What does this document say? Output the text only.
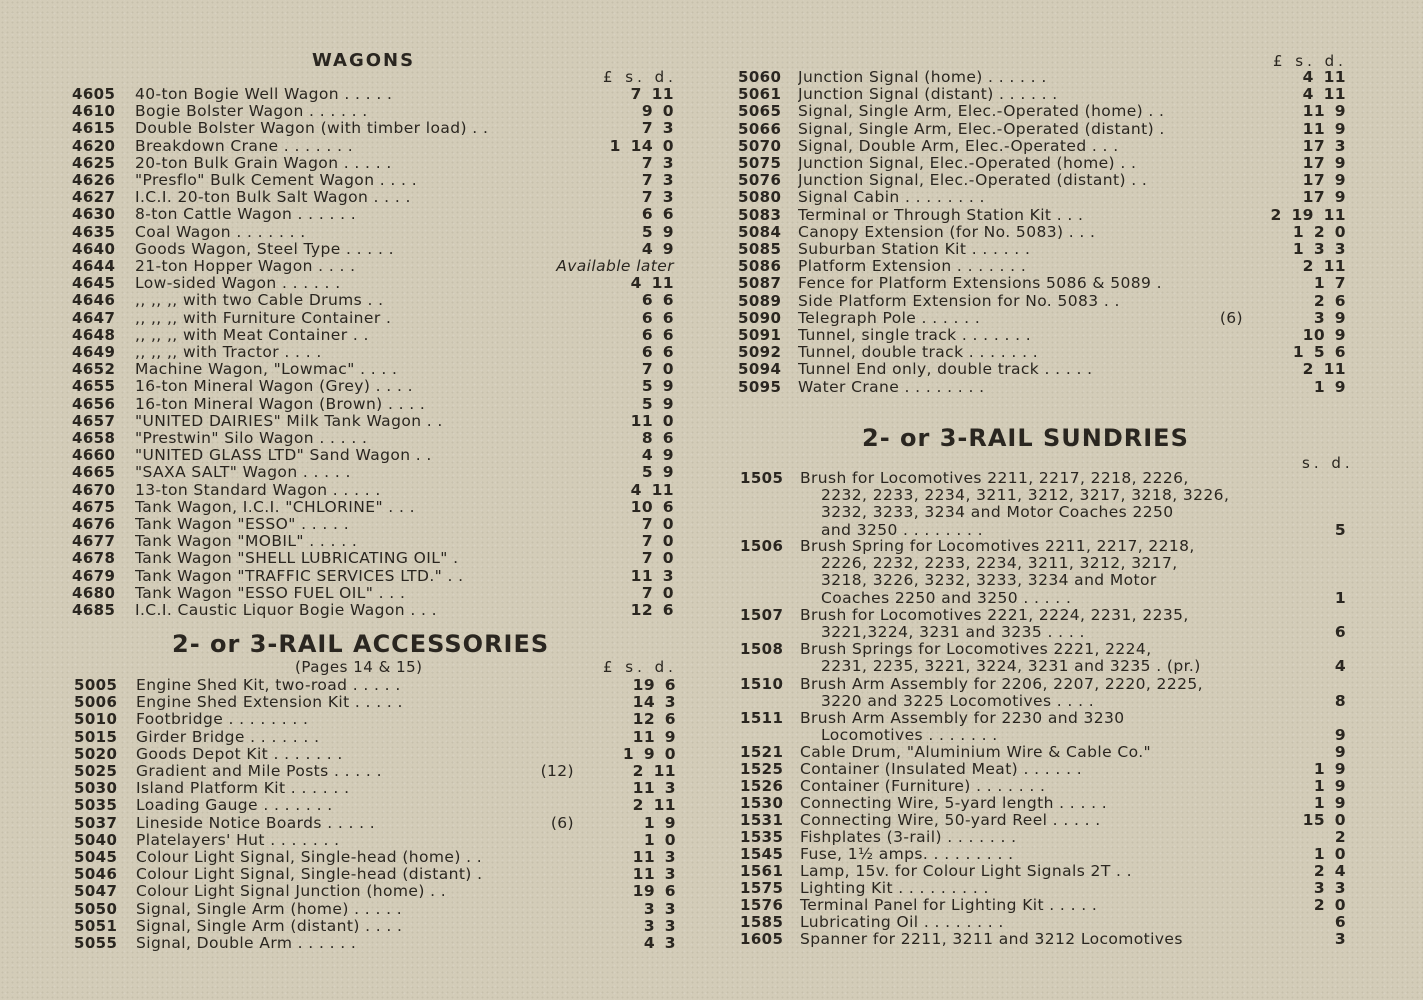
WAGONS
£ s. d.
4605 40-ton Bogie Well Wagon . . . . .	7 11
4610 Bogie Bolster Wagon . . . . . .	9 0
4615 Double Bolster Wagon (with timber load) . .	7 3
4620 Breakdown Crane . . . . . . .	1 14 0
4625 20-ton Bulk Grain Wagon . . . . .	7 3
4626 "Presflo" Bulk Cement Wagon . . . .	7 3
4627 I.C.I. 20-ton Bulk Salt Wagon . . . .	7 3
4630 8-ton Cattle Wagon . . . . . .	6 6
4635 Coal Wagon . . . . . . .	5 9
4640 Goods Wagon, Steel Type . . . . .	4 9
4644 21-ton Hopper Wagon . . . .	Available later
4645 Low-sided Wagon . . . . . .	4 11
4646 ,, ,, ,, with two Cable Drums . .	6 6
4647 ,, ,, ,, with Furniture Container .	6 6
4648 ,, ,, ,, with Meat Container . .	6 6
4649 ,, ,, ,, with Tractor . . . .	6 6
4652 Machine Wagon, "Lowmac" . . . .	7 0
4655 16-ton Mineral Wagon (Grey) . . . .	5 9
4656 16-ton Mineral Wagon (Brown) . . . .	5 9
4657 "UNITED DAIRIES" Milk Tank Wagon . .	11 0
4658 "Prestwin" Silo Wagon . . . . .	8 6
4660 "UNITED GLASS LTD" Sand Wagon . .	4 9
4665 "SAXA SALT" Wagon . . . . .	5 9
4670 13-ton Standard Wagon . . . . .	4 11
4675 Tank Wagon, I.C.I. "CHLORINE" . . .	10 6
4676 Tank Wagon "ESSO" . . . . .	7 0
4677 Tank Wagon "MOBIL" . . . . .	7 0
4678 Tank Wagon "SHELL LUBRICATING OIL" .	7 0
4679 Tank Wagon "TRAFFIC SERVICES LTD." . .	11 3
4680 Tank Wagon "ESSO FUEL OIL" . . .	7 0
4685 I.C.I. Caustic Liquor Bogie Wagon . . .	12 6
2- or 3-RAIL ACCESSORIES
(Pages 14 & 15)	£ s. d.
5005 Engine Shed Kit, two-road . . . . .	19 6
5006 Engine Shed Extension Kit . . . . .	14 3
5010 Footbridge . . . . . . . .	12 6
5015 Girder Bridge . . . . . . .	11 9
5020 Goods Depot Kit . . . . . . .	1 9 0
5025 Gradient and Mile Posts . . . . .	(12)	2 11
5030 Island Platform Kit . . . . . .	11 3
5035 Loading Gauge . . . . . . .	2 11
5037 Lineside Notice Boards . . . . .	(6)	1 9
5040 Platelayers' Hut . . . . . . .	1 0
5045 Colour Light Signal, Single-head (home) . .	11 3
5046 Colour Light Signal, Single-head (distant) .	11 3
5047 Colour Light Signal Junction (home) . .	19 6
5050 Signal, Single Arm (home) . . . . .	3 3
5051 Signal, Single Arm (distant) . . . .	3 3
5055 Signal, Double Arm . . . . . .	4 3
£ s. d.
5060 Junction Signal (home) . . . . . .	4 11
5061 Junction Signal (distant) . . . . . .	4 11
5065 Signal, Single Arm, Elec.-Operated (home) . .	11 9
5066 Signal, Single Arm, Elec.-Operated (distant) .	11 9
5070 Signal, Double Arm, Elec.-Operated . . .	17 3
5075 Junction Signal, Elec.-Operated (home) . .	17 9
5076 Junction Signal, Elec.-Operated (distant) . .	17 9
5080 Signal Cabin . . . . . . . .	17 9
5083 Terminal or Through Station Kit . . .	2 19 11
5084 Canopy Extension (for No. 5083) . . .	1 2 0
5085 Suburban Station Kit . . . . . .	1 3 3
5086 Platform Extension . . . . . . .	2 11
5087 Fence for Platform Extensions 5086 & 5089 .	1 7
5089 Side Platform Extension for No. 5083 . .	2 6
5090 Telegraph Pole . . . . . .	(6)	3 9
5091 Tunnel, single track . . . . . . .	10 9
5092 Tunnel, double track . . . . . . .	1 5 6
5094 Tunnel End only, double track . . . . .	2 11
5095 Water Crane . . . . . . . .	1 9
2- or 3-RAIL SUNDRIES
s. d.
1505 Brush for Locomotives 2211, 2217, 2218, 2226,
2232, 2233, 2234, 3211, 3212, 3217, 3218, 3226,
3232, 3233, 3234 and Motor Coaches 2250
and 3250 . . . . . . . .	5
1506 Brush Spring for Locomotives 2211, 2217, 2218,
2226, 2232, 2233, 2234, 3211, 3212, 3217,
3218, 3226, 3232, 3233, 3234 and Motor
Coaches 2250 and 3250 . . . . .	1
1507 Brush for Locomotives 2221, 2224, 2231, 2235,
3221,3224, 3231 and 3235 . . . .	6
1508 Brush Springs for Locomotives 2221, 2224,
2231, 2235, 3221, 3224, 3231 and 3235 . (pr.)	4
1510 Brush Arm Assembly for 2206, 2207, 2220, 2225,
3220 and 3225 Locomotives . . . .	8
1511 Brush Arm Assembly for 2230 and 3230
Locomotives . . . . . . .	9
1521 Cable Drum, "Aluminium Wire & Cable Co."	9
1525 Container (Insulated Meat) . . . . . .	1 9
1526 Container (Furniture) . . . . . . .	1 9
1530 Connecting Wire, 5-yard length . . . . .	1 9
1531 Connecting Wire, 50-yard Reel . . . . .	15 0
1535 Fishplates (3-rail) . . . . . . .	2
1545 Fuse, 1½ amps. . . . . . . . .	1 0
1561 Lamp, 15v. for Colour Light Signals 2T . .	2 4
1575 Lighting Kit . . . . . . . . .	3 3
1576 Terminal Panel for Lighting Kit . . . . .	2 0
1585 Lubricating Oil . . . . . . . .	6
1605 Spanner for 2211, 3211 and 3212 Locomotives	3
